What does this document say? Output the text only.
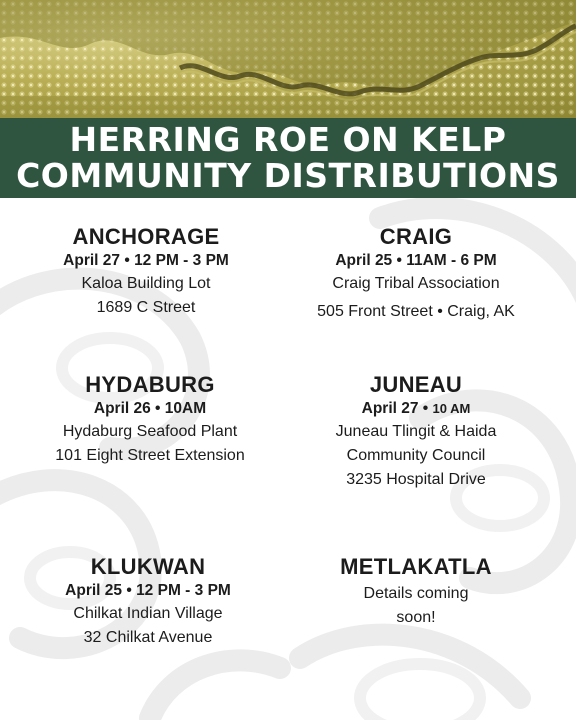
HERRING ROE ON KELP
COMMUNITY DISTRIBUTIONS
ANCHORAGE
April 27 • 12 PM - 3 PM
Kaloa Building Lot
1689 C Street
CRAIG
April 25 • 11AM - 6 PM
Craig Tribal Association
505 Front Street • Craig, AK
HYDABURG
April 26 • 10AM
Hydaburg Seafood Plant
101 Eight Street Extension
JUNEAU
April 27 • 10 AM
Juneau Tlingit & Haida
Community Council
3235 Hospital Drive
KLUKWAN
April 25 • 12 PM - 3 PM
Chilkat Indian Village
32 Chilkat Avenue
METLAKATLA
Details coming
soon!
